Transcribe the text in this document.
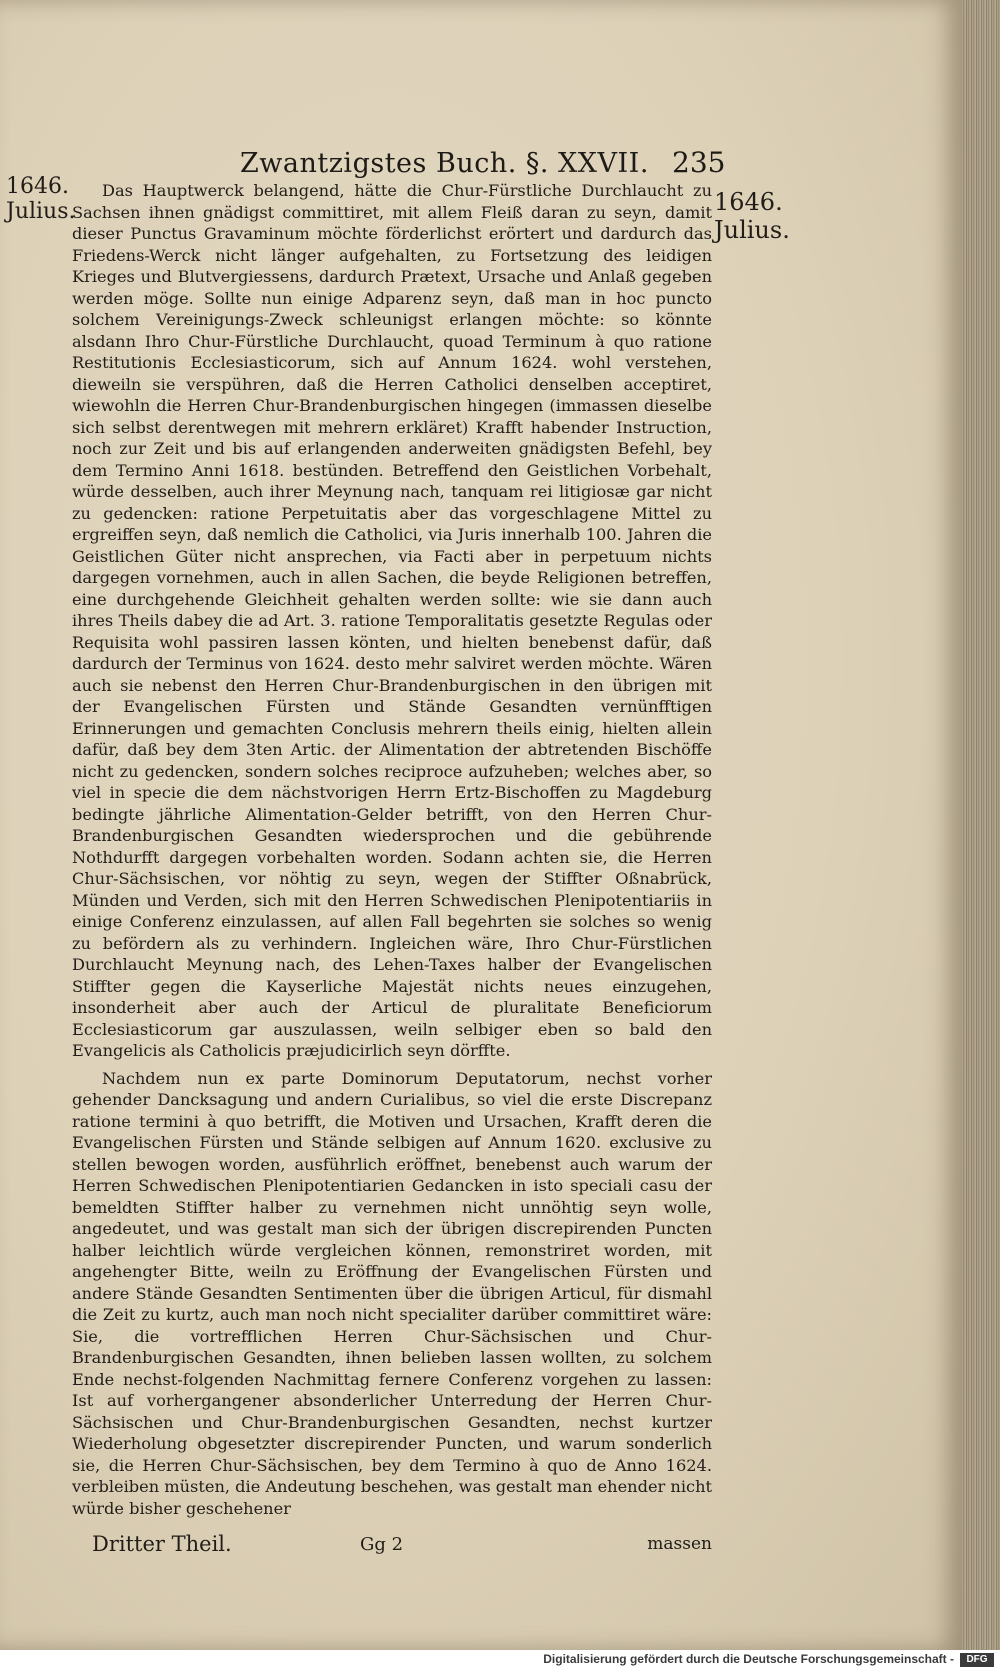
Zwantzigstes Buch. §. XXVII. 235
1646.
Julius.	1646.
Julius.

Das Hauptwerck belangend, hätte die Chur-Fürstliche Durchlaucht zu Sachsen ihnen gnädigst committiret, mit allem Fleiß daran zu seyn, damit dieser Punctus Gravaminum möchte förderlichst erörtert und dardurch das Friedens-Werck nicht länger aufgehalten, zu Fortsetzung des leidigen Krieges und Blutvergiessens, dardurch Prætext, Ursache und Anlaß gegeben werden möge. Sollte nun einige Adparenz seyn, daß man in hoc puncto solchem Vereinigungs-Zweck schleunigst erlangen möchte: so könnte alsdann Ihro Chur-Fürstliche Durchlaucht, quoad Terminum à quo ratione Restitutionis Ecclesiasticorum, sich auf Annum 1624. wohl verstehen, dieweiln sie verspühren, daß die Herren Catholici denselben acceptiret, wiewohln die Herren Chur-Brandenburgischen hingegen (immassen dieselbe sich selbst derentwegen mit mehrern erkläret) Krafft habender Instruction, noch zur Zeit und bis auf erlangenden anderweiten gnädigsten Befehl, bey dem Termino Anni 1618. bestünden. Betreffend den Geistlichen Vorbehalt, würde desselben, auch ihrer Meynung nach, tanquam rei litigiosæ gar nicht zu gedencken: ratione Perpetuitatis aber das vorgeschlagene Mittel zu ergreiffen seyn, daß nemlich die Catholici, via Juris innerhalb 100. Jahren die Geistlichen Güter nicht ansprechen, via Facti aber in perpetuum nichts dargegen vornehmen, auch in allen Sachen, die beyde Religionen betreffen, eine durchgehende Gleichheit gehalten werden sollte: wie sie dann auch ihres Theils dabey die ad Art. 3. ratione Temporalitatis gesetzte Regulas oder Requisita wohl passiren lassen könten, und hielten benebenst dafür, daß dardurch der Terminus von 1624. desto mehr salviret werden möchte. Wären auch sie nebenst den Herren Chur-Brandenburgischen in den übrigen mit der Evangelischen Fürsten und Stände Gesandten vernünfftigen Erinnerungen und gemachten Conclusis mehrern theils einig, hielten allein dafür, daß bey dem 3ten Artic. der Alimentation der abtretenden Bischöffe nicht zu gedencken, sondern solches reciproce aufzuheben; welches aber, so viel in specie die dem nächstvorigen Herrn Ertz-Bischoffen zu Magdeburg bedingte jährliche Alimentation-Gelder betrifft, von den Herren Chur-Brandenburgischen Gesandten wiedersprochen und die gebührende Nothdurfft dargegen vorbehalten worden. Sodann achten sie, die Herren Chur-Sächsischen, vor nöhtig zu seyn, wegen der Stiffter Oßnabrück, Münden und Verden, sich mit den Herren Schwedischen Plenipotentiariis in einige Conferenz einzulassen, auf allen Fall begehrten sie solches so wenig zu befördern als zu verhindern. Ingleichen wäre, Ihro Chur-Fürstlichen Durchlaucht Meynung nach, des Lehen-Taxes halber der Evangelischen Stiffter gegen die Kayserliche Majestät nichts neues einzugehen, insonderheit aber auch der Articul de pluralitate Beneficiorum Ecclesiasticorum gar auszulassen, weiln selbiger eben so bald den Evangelicis als Catholicis præjudicirlich seyn dörffte.

Nachdem nun ex parte Dominorum Deputatorum, nechst vorher gehender Dancksagung und andern Curialibus, so viel die erste Discrepanz ratione termini à quo betrifft, die Motiven und Ursachen, Krafft deren die Evangelischen Fürsten und Stände selbigen auf Annum 1620. exclusive zu stellen bewogen worden, ausführlich eröffnet, benebenst auch warum der Herren Schwedischen Plenipotentiarien Gedancken in isto speciali casu der bemeldten Stiffter halber zu vernehmen nicht unnöhtig seyn wolle, angedeutet, und was gestalt man sich der übrigen discrepirenden Puncten halber leichtlich würde vergleichen können, remonstriret worden, mit angehengter Bitte, weiln zu Eröffnung der Evangelischen Fürsten und andere Stände Gesandten Sentimenten über die übrigen Articul, für dismahl die Zeit zu kurtz, auch man noch nicht specialiter darüber committiret wäre: Sie, die vortrefflichen Herren Chur-Sächsischen und Chur-Brandenburgischen Gesandten, ihnen belieben lassen wollten, zu solchem Ende nechst-folgenden Nachmittag fernere Conferenz vorgehen zu lassen: Ist auf vorhergangener absonderlicher Unterredung der Herren Chur-Sächsischen und Chur-Brandenburgischen Gesandten, nechst kurtzer Wiederholung obgesetzter discrepirender Puncten, und warum sonderlich sie, die Herren Chur-Sächsischen, bey dem Termino à quo de Anno 1624. verbleiben müsten, die Andeutung beschehen, was gestalt man ehender nicht würde bisher geschehener

Dritter Theil.	Gg 2	massen
Digitalisierung gefördert durch die Deutsche Forschungsgemeinschaft -	DFG
